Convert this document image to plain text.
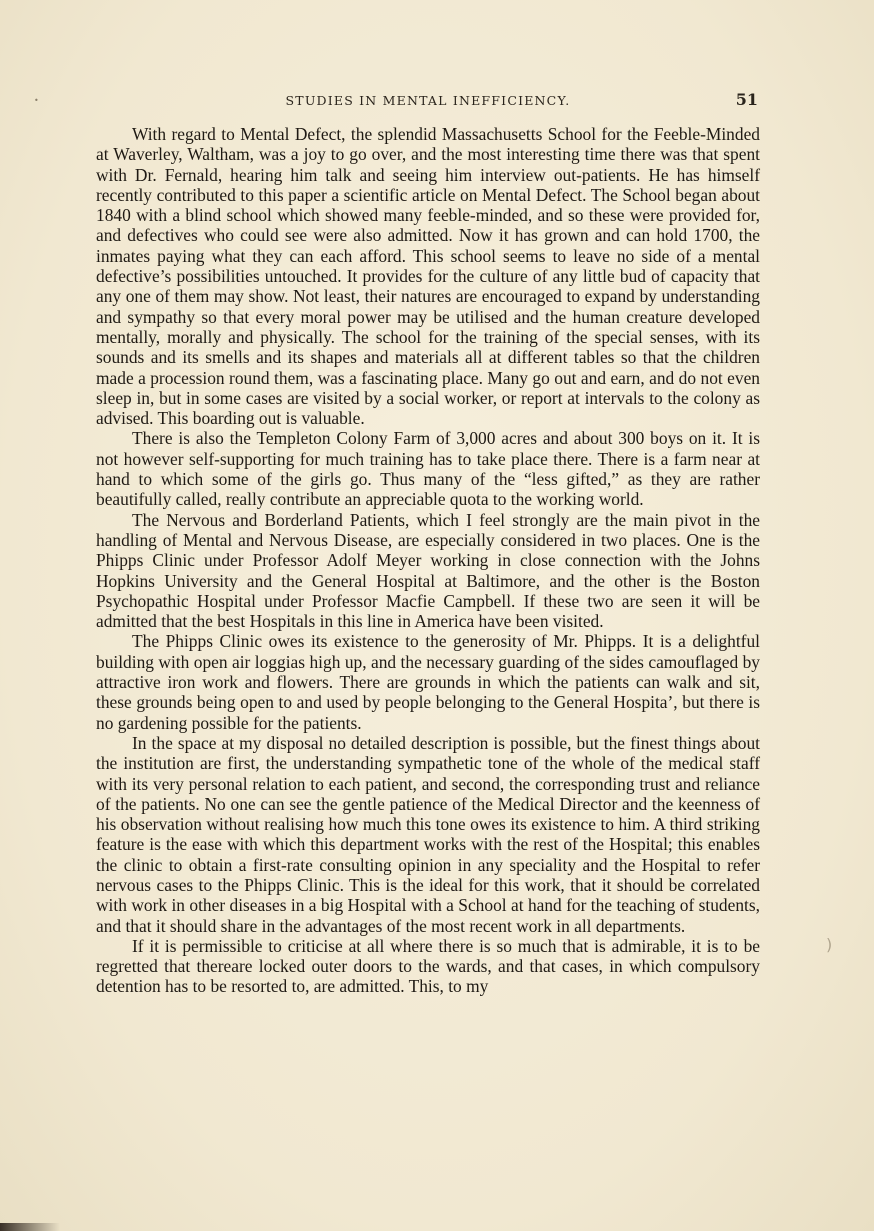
•	STUDIES IN MENTAL INEFFICIENCY.	51

With regard to Mental Defect, the splendid Massachusetts School for the Feeble-Minded at Waverley, Waltham, was a joy to go over, and the most interesting time there was that spent with Dr. Fernald, hearing him talk and seeing him interview out-patients. He has himself recently contributed to this paper a scientific article on Mental Defect. The School began about 1840 with a blind school which showed many feeble-minded, and so these were provided for, and defectives who could see were also admitted. Now it has grown and can hold 1700, the inmates paying what they can each afford. This school seems to leave no side of a mental defective’s possibilities untouched. It provides for the culture of any little bud of capacity that any one of them may show. Not least, their natures are encouraged to expand by understanding and sympathy so that every moral power may be utilised and the human creature developed mentally, morally and physically. The school for the training of the special senses, with its sounds and its smells and its shapes and materials all at different tables so that the children made a procession round them, was a fascinating place. Many go out and earn, and do not even sleep in, but in some cases are visited by a social worker, or report at intervals to the colony as advised. This boarding out is valuable.

There is also the Templeton Colony Farm of 3,000 acres and about 300 boys on it. It is not however self-supporting for much training has to take place there. There is a farm near at hand to which some of the girls go. Thus many of the “less gifted,” as they are rather beautifully called, really contribute an appreciable quota to the working world.

The Nervous and Borderland Patients, which I feel strongly are the main pivot in the handling of Mental and Nervous Disease, are especially considered in two places. One is the Phipps Clinic under Professor Adolf Meyer working in close connection with the Johns Hopkins University and the General Hospital at Baltimore, and the other is the Boston Psychopathic Hospital under Professor Macfie Campbell. If these two are seen it will be admitted that the best Hospitals in this line in America have been visited.

The Phipps Clinic owes its existence to the generosity of Mr. Phipps. It is a delightful building with open air loggias high up, and the necessary guarding of the sides camouflaged by attractive iron work and flowers. There are grounds in which the patients can walk and sit, these grounds being open to and used by people belonging to the General Hospita’, but there is no gardening possible for the patients.

In the space at my disposal no detailed description is possible, but the finest things about the institution are first, the understanding sympathetic tone of the whole of the medical staff with its very personal relation to each patient, and second, the corresponding trust and reliance of the patients. No one can see the gentle patience of the Medical Director and the keenness of his observation without realising how much this tone owes its existence to him. A third striking feature is the ease with which this department works with the rest of the Hospital; this enables the clinic to obtain a first-rate consulting opinion in any speciality and the Hospital to refer nervous cases to the Phipps Clinic. This is the ideal for this work, that it should be correlated with work in other diseases in a big Hospital with a School at hand for the teaching of students, and that it should share in the advantages of the most recent work in all departments.

If it is permissible to criticise at all where there is so much that is admirable, it is to be regretted that thereare locked outer doors to the wards, and that cases, in which compulsory detention has to be resorted to, are admitted. This, to my

)
